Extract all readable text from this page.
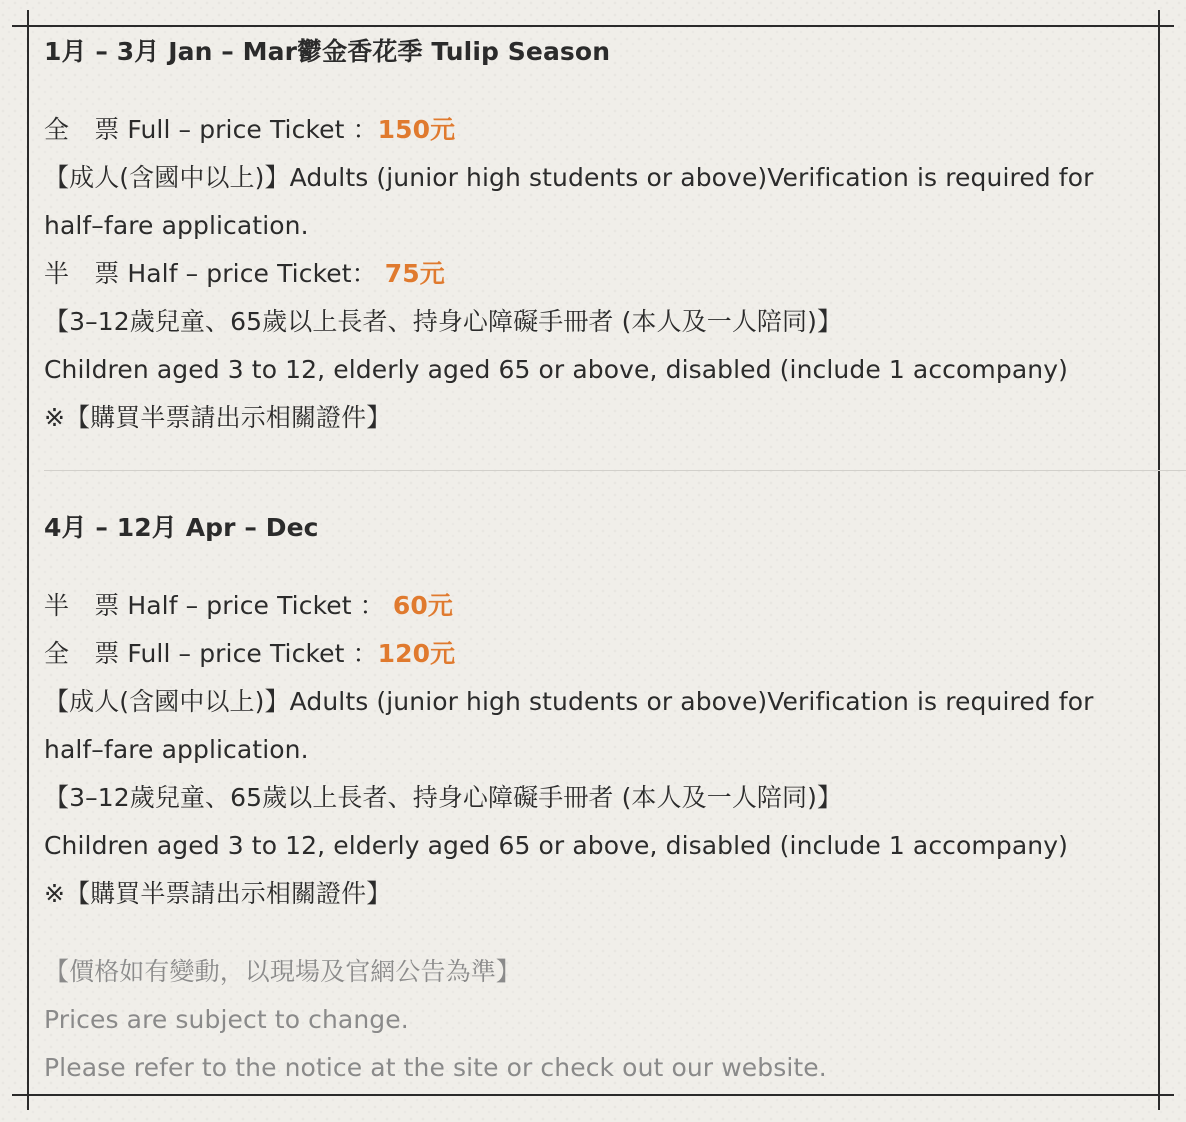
1月 – 3月 Jan – Mar鬱金香花季 Tulip Season
全　票 Full – price Ticket ：150元
【成人(含國中以上)】Adults (junior high students or above)Verification is required for
half–fare application.
半　票 Half – price Ticket： 75元
【3–12歲兒童、65歲以上長者、持身心障礙手冊者 (本人及一人陪同)】
Children aged 3 to 12, elderly aged 65 or above, disabled (include 1 accompany)
※【購買半票請出示相關證件】
4月 – 12月 Apr – Dec
半　票 Half – price Ticket ： 60元
全　票 Full – price Ticket ：120元
【成人(含國中以上)】Adults (junior high students or above)Verification is required for
half–fare application.
【3–12歲兒童、65歲以上長者、持身心障礙手冊者 (本人及一人陪同)】
Children aged 3 to 12, elderly aged 65 or above, disabled (include 1 accompany)
※【購買半票請出示相關證件】
【價格如有變動，以現場及官網公告為準】
Prices are subject to change.
Please refer to the notice at the site or check out our website.
